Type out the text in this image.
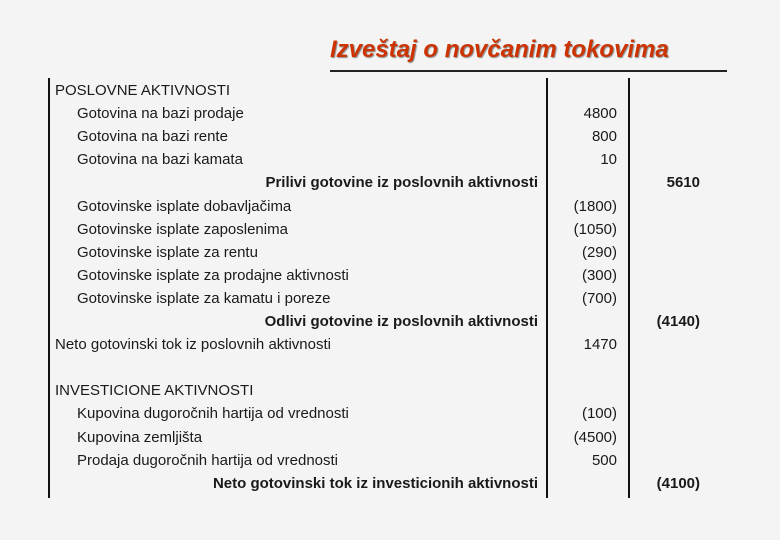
Izveštaj o novčanim tokovima
POSLOVNE AKTIVNOSTI
Gotovina na bazi prodaje	4800
Gotovina na bazi rente	800
Gotovina na bazi kamata	10
Prilivi gotovine iz poslovnih aktivnosti	5610
Gotovinske isplate dobavljačima	(1800)
Gotovinske isplate zaposlenima	(1050)
Gotovinske isplate za rentu	(290)
Gotovinske isplate za prodajne aktivnosti	(300)
Gotovinske isplate za kamatu i poreze	(700)
Odlivi gotovine iz poslovnih aktivnosti	(4140)
Neto gotovinski tok iz poslovnih aktivnosti	1470
INVESTICIONE AKTIVNOSTI
Kupovina dugoročnih hartija od vrednosti	(100)
Kupovina zemljišta	(4500)
Prodaja dugoročnih hartija od vrednosti	500
Neto gotovinski tok iz investicionih aktivnosti	(4100)
